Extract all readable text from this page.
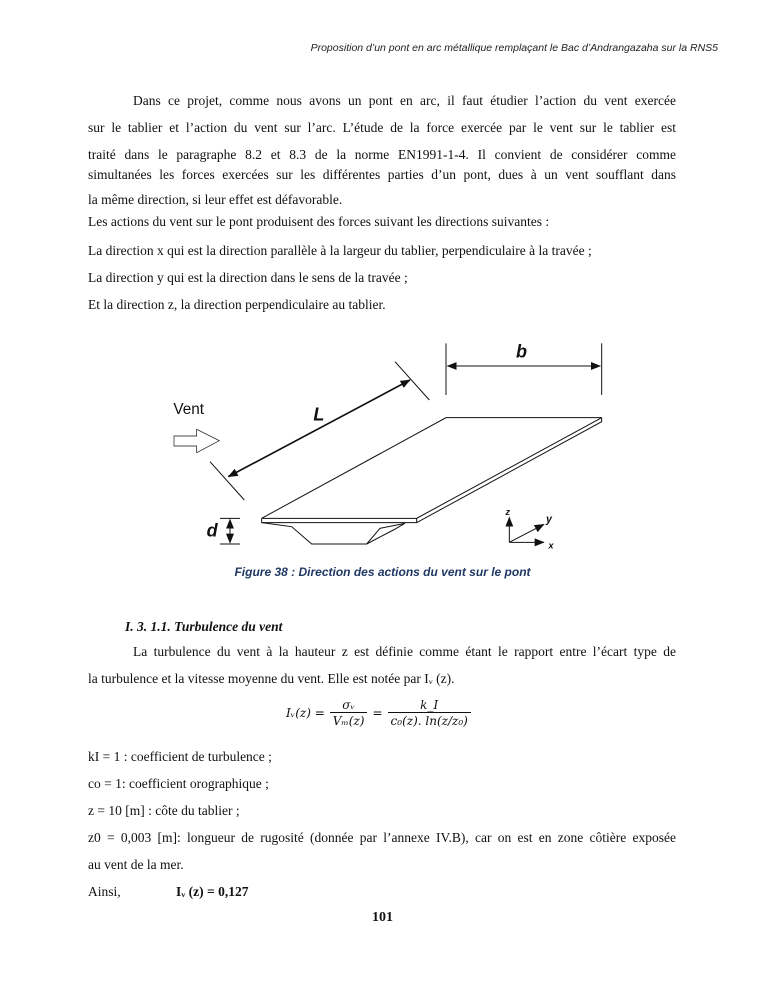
Proposition d’un pont en arc métallique remplaçant le Bac d’Andrangazaha sur la RNS5
Dans ce projet, comme nous avons un pont en arc, il faut étudier l’action du vent exercée
sur le tablier et l’action du vent sur l’arc. L’étude de la force exercée par le vent sur le tablier est
traité dans le paragraphe 8.2 et 8.3 de la norme EN1991-1-4. Il convient de considérer comme
simultanées les forces exercées sur les différentes parties d’un pont, dues à un vent soufflant dans
la même direction, si leur effet est défavorable.
Les actions du vent sur le pont produisent des forces suivant les directions suivantes :
La direction x qui est la direction parallèle à la largeur du tablier, perpendiculaire à la travée ;
La direction y qui est la direction dans le sens de la travée ;
Et la direction z, la direction perpendiculaire au tablier.
Vent L
b
d
z
y
x
Figure 38 : Direction des actions du vent sur le pont
I. 3. 1.1. Turbulence du vent
La turbulence du vent à la hauteur z est définie comme étant le rapport entre l’écart type de
la turbulence et la vitesse moyenne du vent. Elle est notée par Iᵥ (z).
Iᵥ(z) = $\frac{\text{σᵥ}}{\text{Vₘ(z)}} = \frac{k\_I}{\text{c₀(z). ln(z/z₀)}}$
kI = 1 : coefficient de turbulence ;
co = 1: coefficient orographique ;
z = 10 [m] : côte du tablier ;
z0 = 0,003 [m]: longueur de rugosité (donnée par l’annexe IV.B), car on est en zone côtière exposée
au vent de la mer.
Ainsi,	Iᵥ (z) = 0,127
101
